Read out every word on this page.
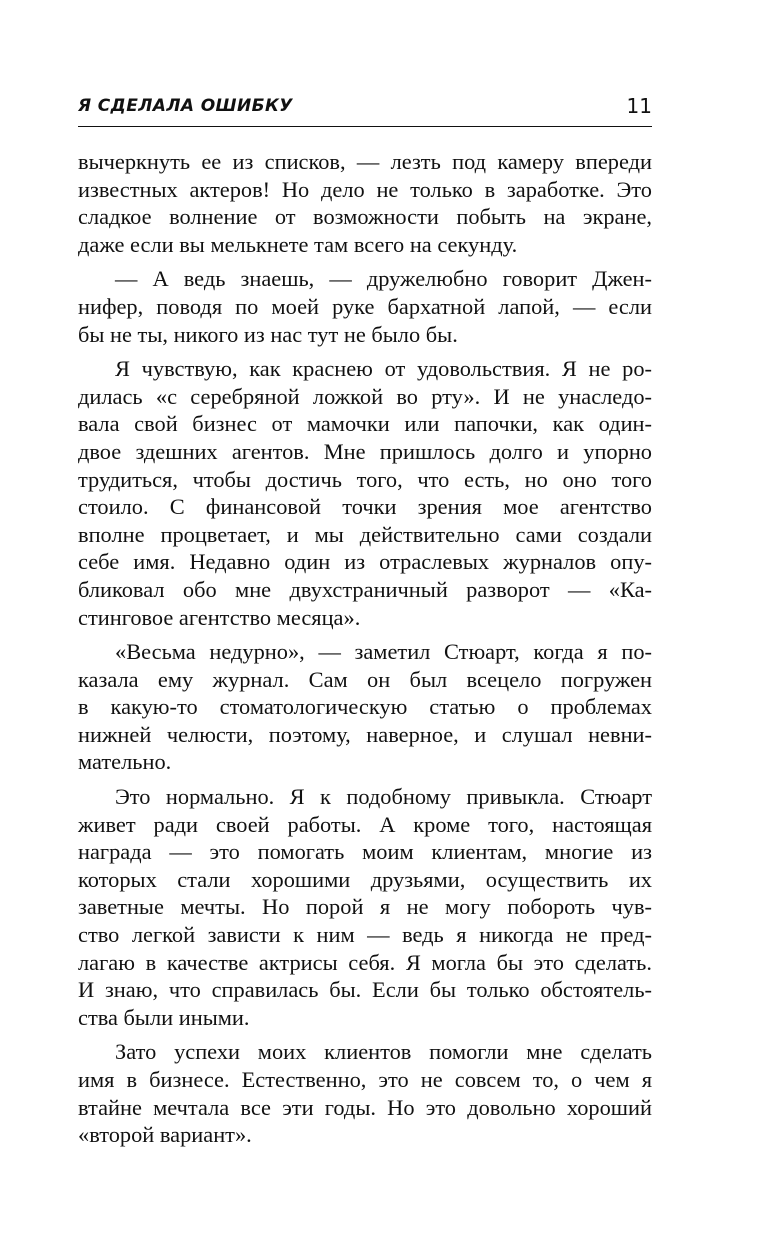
Я СДЕЛАЛА ОШИБКУ	11
вычеркнуть ее из списков, — лезть под камеру впереди
известных актеров! Но дело не только в заработке. Это
сладкое волнение от возможности побыть на экране,
даже если вы мелькнете там всего на секунду.
— А ведь знаешь, — дружелюбно говорит Джен-
нифер, поводя по моей руке бархатной лапой, — если
бы не ты, никого из нас тут не было бы.
Я чувствую, как краснею от удовольствия. Я не ро-
дилась «с серебряной ложкой во рту». И не унаследо-
вала свой бизнес от мамочки или папочки, как один-
двое здешних агентов. Мне пришлось долго и упорно
трудиться, чтобы достичь того, что есть, но оно того
стоило. С финансовой точки зрения мое агентство
вполне процветает, и мы действительно сами создали
себе имя. Недавно один из отраслевых журналов опу-
бликовал обо мне двухстраничный разворот — «Ка-
стинговое агентство месяца».
«Весьма недурно», — заметил Стюарт, когда я по-
казала ему журнал. Сам он был всецело погружен
в какую-то стоматологическую статью о проблемах
нижней челюсти, поэтому, наверное, и слушал невни-
мательно.
Это нормально. Я к подобному привыкла. Стюарт
живет ради своей работы. А кроме того, настоящая
награда — это помогать моим клиентам, многие из
которых стали хорошими друзьями, осуществить их
заветные мечты. Но порой я не могу побороть чув-
ство легкой зависти к ним — ведь я никогда не пред-
лагаю в качестве актрисы себя. Я могла бы это сделать.
И знаю, что справилась бы. Если бы только обстоятель-
ства были иными.
Зато успехи моих клиентов помогли мне сделать
имя в бизнесе. Естественно, это не совсем то, о чем я
втайне мечтала все эти годы. Но это довольно хороший
«второй вариант».
